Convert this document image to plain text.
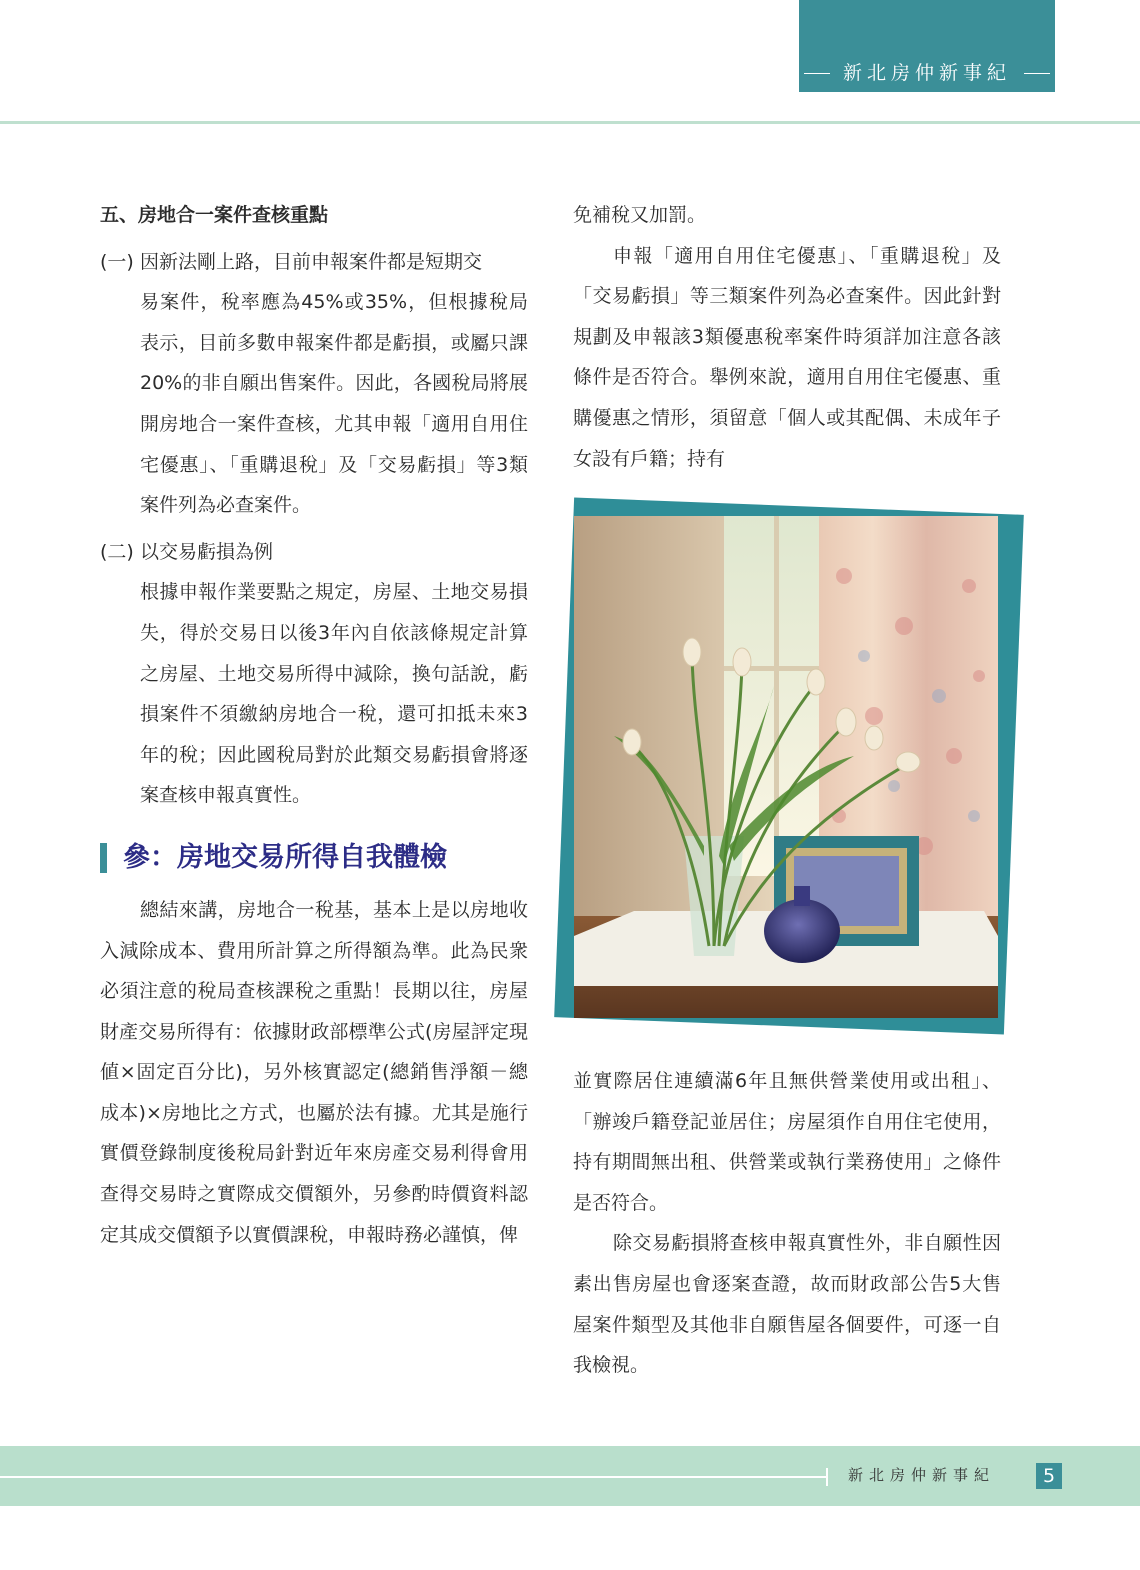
新北房仲新事紀
五、房地合一案件查核重點
(一) 因新法剛上路，目前申報案件都是短期交
易案件，稅率應為45%或35%，但根據稅局表示，目前多數申報案件都是虧損，或屬只課20%的非自願出售案件。因此，各國稅局將展開房地合一案件查核，尤其申報「適用自用住宅優惠」、「重購退稅」及「交易虧損」等3類案件列為必查案件。
(二) 以交易虧損為例
根據申報作業要點之規定，房屋、土地交易損失，得於交易日以後3年內自依該條規定計算之房屋、土地交易所得中減除，換句話說，虧損案件不須繳納房地合一稅，還可扣抵未來3年的稅；因此國稅局對於此類交易虧損會將逐案查核申報真實性。
參：房地交易所得自我體檢
總結來講，房地合一稅基，基本上是以房地收入減除成本、費用所計算之所得額為準。此為民衆必須注意的稅局查核課稅之重點！長期以往，房屋財產交易所得有：依據財政部標準公式(房屋評定現値×固定百分比)，另外核實認定(總銷售淨額－總成本)×房地比之方式，也屬於法有據。尤其是施行實價登錄制度後稅局針對近年來房產交易利得會用查得交易時之實際成交價額外，另參酌時價資料認定其成交價額予以實價課稅，申報時務必謹慎，俾
免補稅又加罰。
申報「適用自用住宅優惠」、「重購退稅」及「交易虧損」等三類案件列為必查案件。因此針對規劃及申報該3類優惠稅率案件時須詳加注意各該條件是否符合。舉例來說，適用自用住宅優惠、重購優惠之情形，須留意「個人或其配偶、未成年子女設有戶籍；持有
並實際居住連續滿6年且無供營業使用或出租」、「辦竣戶籍登記並居住；房屋須作自用住宅使用，持有期間無出租、供營業或執行業務使用」之條件是否符合。
除交易虧損將查核申報真實性外，非自願性因素出售房屋也會逐案查證，故而財政部公告5大售屋案件類型及其他非自願售屋各個要件，可逐一自我檢視。
新北房仲新事紀	5
